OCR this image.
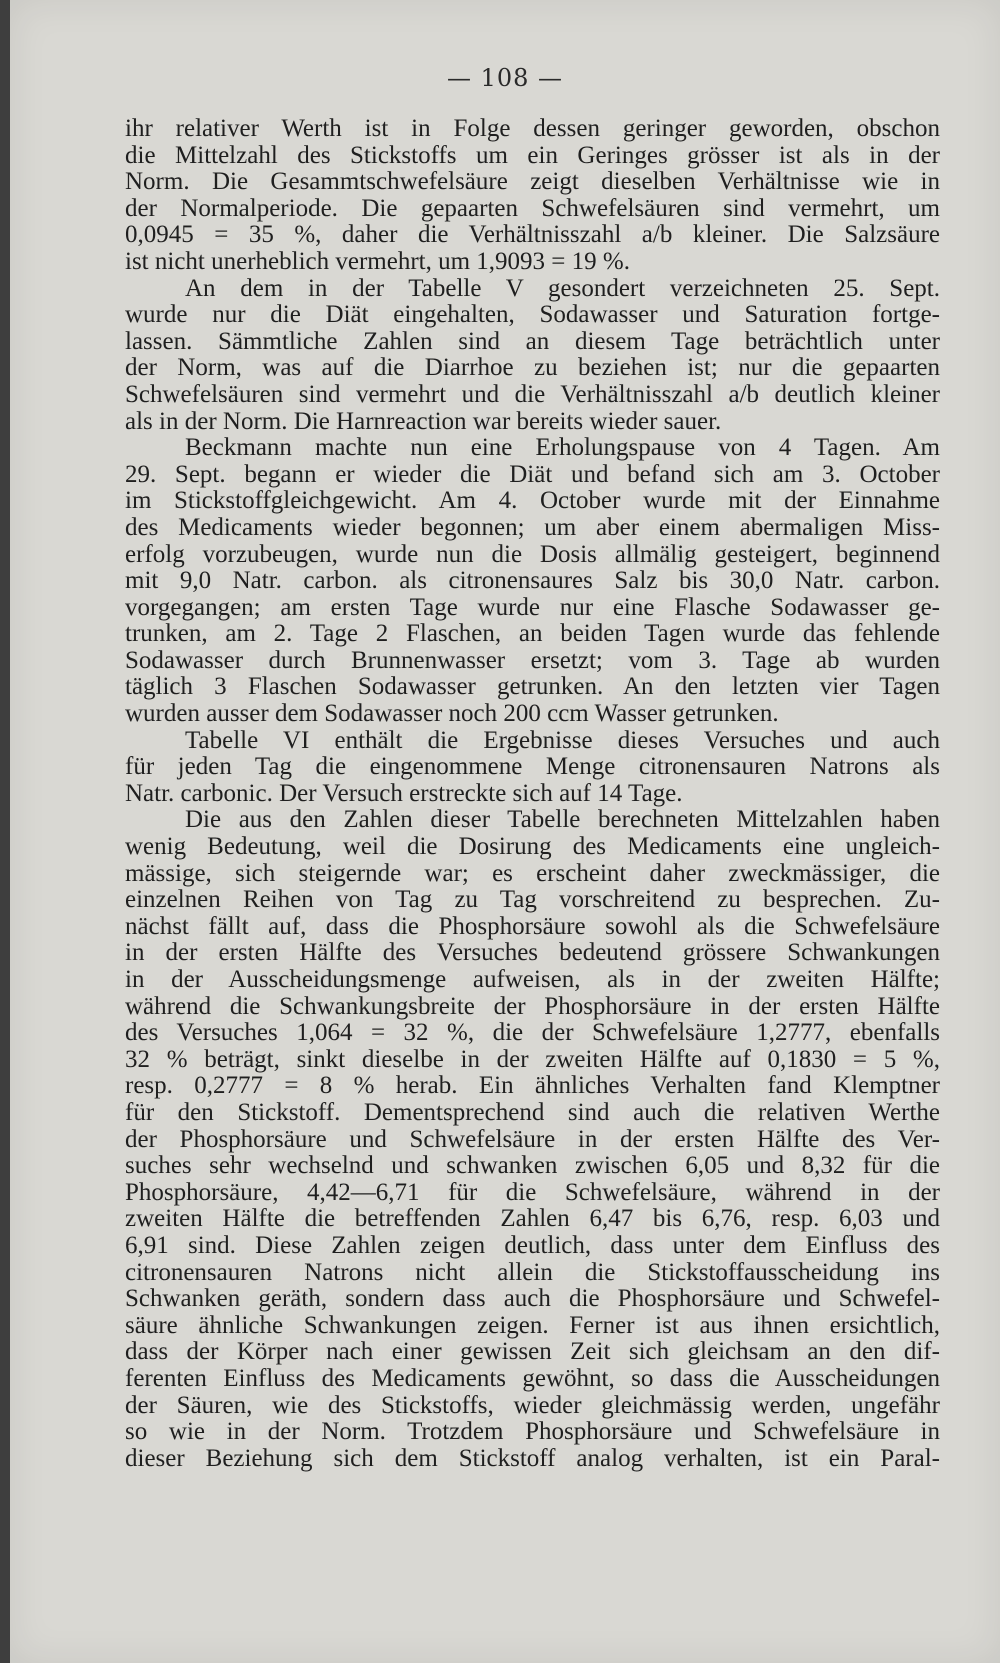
— 108 —
ihr relativer Werth ist in Folge dessen geringer geworden, obschon
die Mittelzahl des Stickstoffs um ein Geringes grösser ist als in der
Norm. Die Gesammtschwefelsäure zeigt dieselben Verhältnisse wie in
der Normalperiode. Die gepaarten Schwefelsäuren sind vermehrt, um
0,0945 = 35 %, daher die Verhältnisszahl a/b kleiner. Die Salzsäure
ist nicht unerheblich vermehrt, um 1,9093 = 19 %.
An dem in der Tabelle V gesondert verzeichneten 25. Sept.
wurde nur die Diät eingehalten, Sodawasser und Saturation fortge-
lassen. Sämmtliche Zahlen sind an diesem Tage beträchtlich unter
der Norm, was auf die Diarrhoe zu beziehen ist; nur die gepaarten
Schwefelsäuren sind vermehrt und die Verhältnisszahl a/b deutlich kleiner
als in der Norm. Die Harnreaction war bereits wieder sauer.
Beckmann machte nun eine Erholungspause von 4 Tagen. Am
29. Sept. begann er wieder die Diät und befand sich am 3. October
im Stickstoffgleichgewicht. Am 4. October wurde mit der Einnahme
des Medicaments wieder begonnen; um aber einem abermaligen Miss-
erfolg vorzubeugen, wurde nun die Dosis allmälig gesteigert, beginnend
mit 9,0 Natr. carbon. als citronensaures Salz bis 30,0 Natr. carbon.
vorgegangen; am ersten Tage wurde nur eine Flasche Sodawasser ge-
trunken, am 2. Tage 2 Flaschen, an beiden Tagen wurde das fehlende
Sodawasser durch Brunnenwasser ersetzt; vom 3. Tage ab wurden
täglich 3 Flaschen Sodawasser getrunken. An den letzten vier Tagen
wurden ausser dem Sodawasser noch 200 ccm Wasser getrunken.
Tabelle VI enthält die Ergebnisse dieses Versuches und auch
für jeden Tag die eingenommene Menge citronensauren Natrons als
Natr. carbonic. Der Versuch erstreckte sich auf 14 Tage.
Die aus den Zahlen dieser Tabelle berechneten Mittelzahlen haben
wenig Bedeutung, weil die Dosirung des Medicaments eine ungleich-
mässige, sich steigernde war; es erscheint daher zweckmässiger, die
einzelnen Reihen von Tag zu Tag vorschreitend zu besprechen. Zu-
nächst fällt auf, dass die Phosphorsäure sowohl als die Schwefelsäure
in der ersten Hälfte des Versuches bedeutend grössere Schwankungen
in der Ausscheidungsmenge aufweisen, als in der zweiten Hälfte;
während die Schwankungsbreite der Phosphorsäure in der ersten Hälfte
des Versuches 1,064 = 32 %, die der Schwefelsäure 1,2777, ebenfalls
32 % beträgt, sinkt dieselbe in der zweiten Hälfte auf 0,1830 = 5 %,
resp. 0,2777 = 8 % herab. Ein ähnliches Verhalten fand Klemptner
für den Stickstoff. Dementsprechend sind auch die relativen Werthe
der Phosphorsäure und Schwefelsäure in der ersten Hälfte des Ver-
suches sehr wechselnd und schwanken zwischen 6,05 und 8,32 für die
Phosphorsäure, 4,42—6,71 für die Schwefelsäure, während in der
zweiten Hälfte die betreffenden Zahlen 6,47 bis 6,76, resp. 6,03 und
6,91 sind. Diese Zahlen zeigen deutlich, dass unter dem Einfluss des
citronensauren Natrons nicht allein die Stickstoffausscheidung ins
Schwanken geräth, sondern dass auch die Phosphorsäure und Schwefel-
säure ähnliche Schwankungen zeigen. Ferner ist aus ihnen ersichtlich,
dass der Körper nach einer gewissen Zeit sich gleichsam an den dif-
ferenten Einfluss des Medicaments gewöhnt, so dass die Ausscheidungen
der Säuren, wie des Stickstoffs, wieder gleichmässig werden, ungefähr
so wie in der Norm. Trotzdem Phosphorsäure und Schwefelsäure in
dieser Beziehung sich dem Stickstoff analog verhalten, ist ein Paral-
